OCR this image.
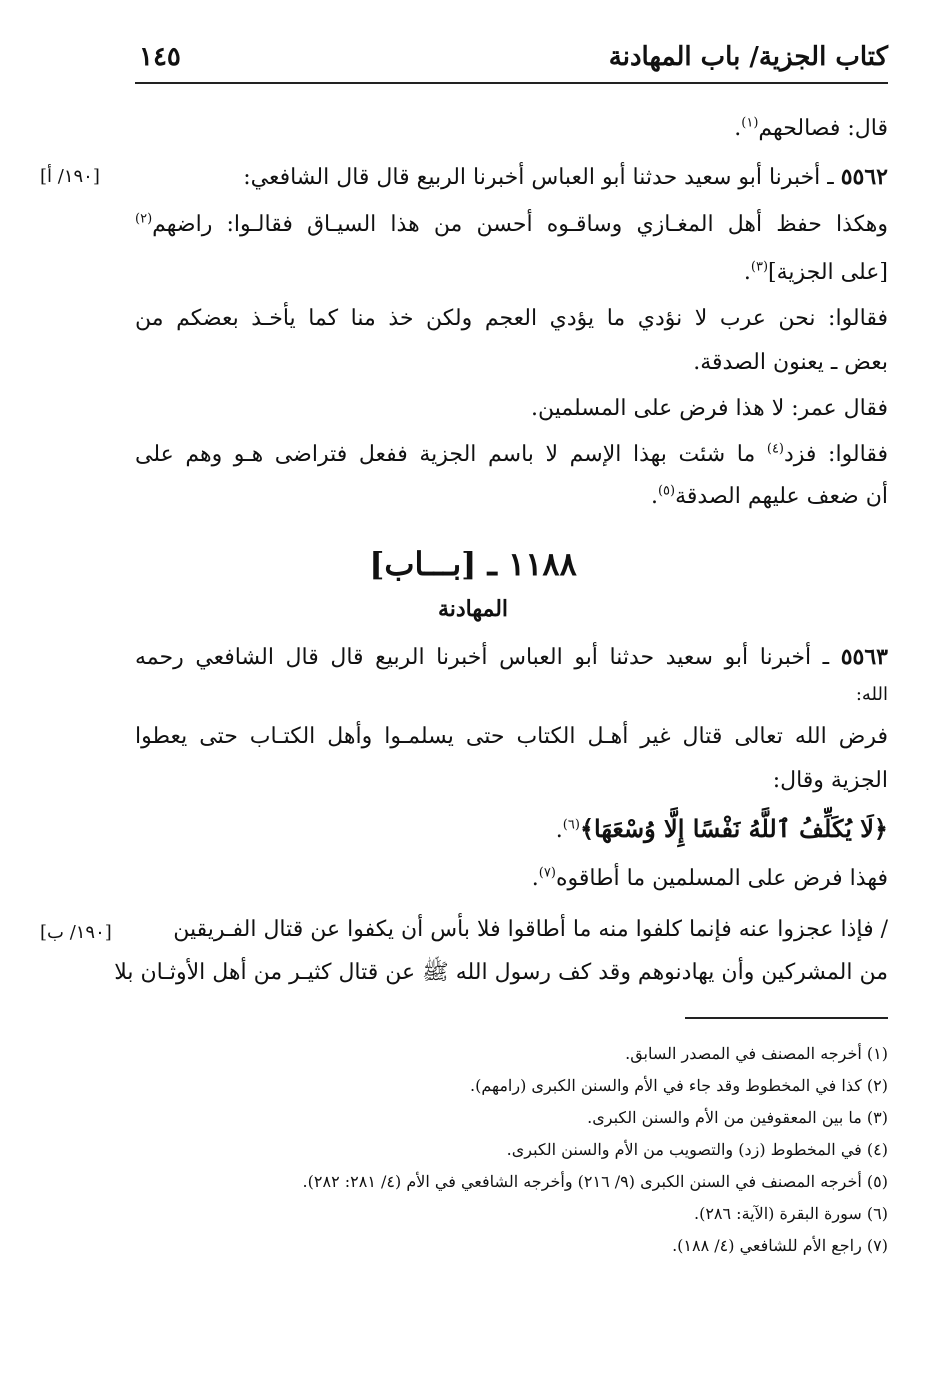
كتاب الجزية/ باب المهادنة
١٤٥
قال: فصالحهم$^{(١)}$.
٥٥٦٢ ـ أخبرنا أبو سعيد حدثنا أبو العباس أخبرنا الربيع قال قال الشافعي:
وهكذا حفظ أهل المغـازي وساقـوه أحسن من هذا السيـاق فقالـوا: راضهم$^{(٢)}$
[على الجزية]$^{(٣)}$.
فقالوا: نحن عرب لا نؤدي ما يؤدي العجم ولكن خذ منا كما يأخـذ بعضكم من
بعض ـ يعنون الصدقة.
فقال عمر: لا هذا فرض على المسلمين.
فقالوا: فزد$^{(٤)}$ ما شئت بهذا الإسم لا باسم الجزية ففعل فتراضى هـو وهم على
أن ضعف عليهم الصدقة$^{(٥)}$.
٥٥٦٣ ـ أخبرنا أبو سعيد حدثنا أبو العباس أخبرنا الربيع قال قال الشافعي رحمه
الله:
فرض الله تعالى قتال غير أهـل الكتاب حتى يسلمـوا وأهل الكتـاب حتى يعطوا
الجزية وقال:
﴿لَا يُكَلِّفُ ٱللَّهُ نَفْسًا إِلَّا وُسْعَهَا﴾$^{(٦)}$.
فهذا فرض على المسلمين ما أطاقوه$^{(٧)}$.
/ فإذا عجزوا عنه فإنما كلفوا منه ما أطاقوا فلا بأس أن يكفوا عن قتال الفـريقين
من المشركين وأن يهادنوهم وقد كف رسول الله ﷺ عن قتال كثيـر من أهل الأوثـان بلا
[١٩٠/ أ]
[١٩٠/ ب]
١١٨٨ ـ [بـــاب]
المهادنة
(١) أخرجه المصنف في المصدر السابق.
(٢) كذا في المخطوط وقد جاء في الأم والسنن الكبرى (رامهم).
(٣) ما بين المعقوفين من الأم والسنن الكبرى.
(٤) في المخطوط (زد) والتصويب من الأم والسنن الكبرى.
(٥) أخرجه المصنف في السنن الكبرى (٩/ ٢١٦) وأخرجه الشافعي في الأم (٤/ ٢٨١: ٢٨٢).
(٦) سورة البقرة (الآية: ٢٨٦).
(٧) راجع الأم للشافعي (٤/ ١٨٨).
